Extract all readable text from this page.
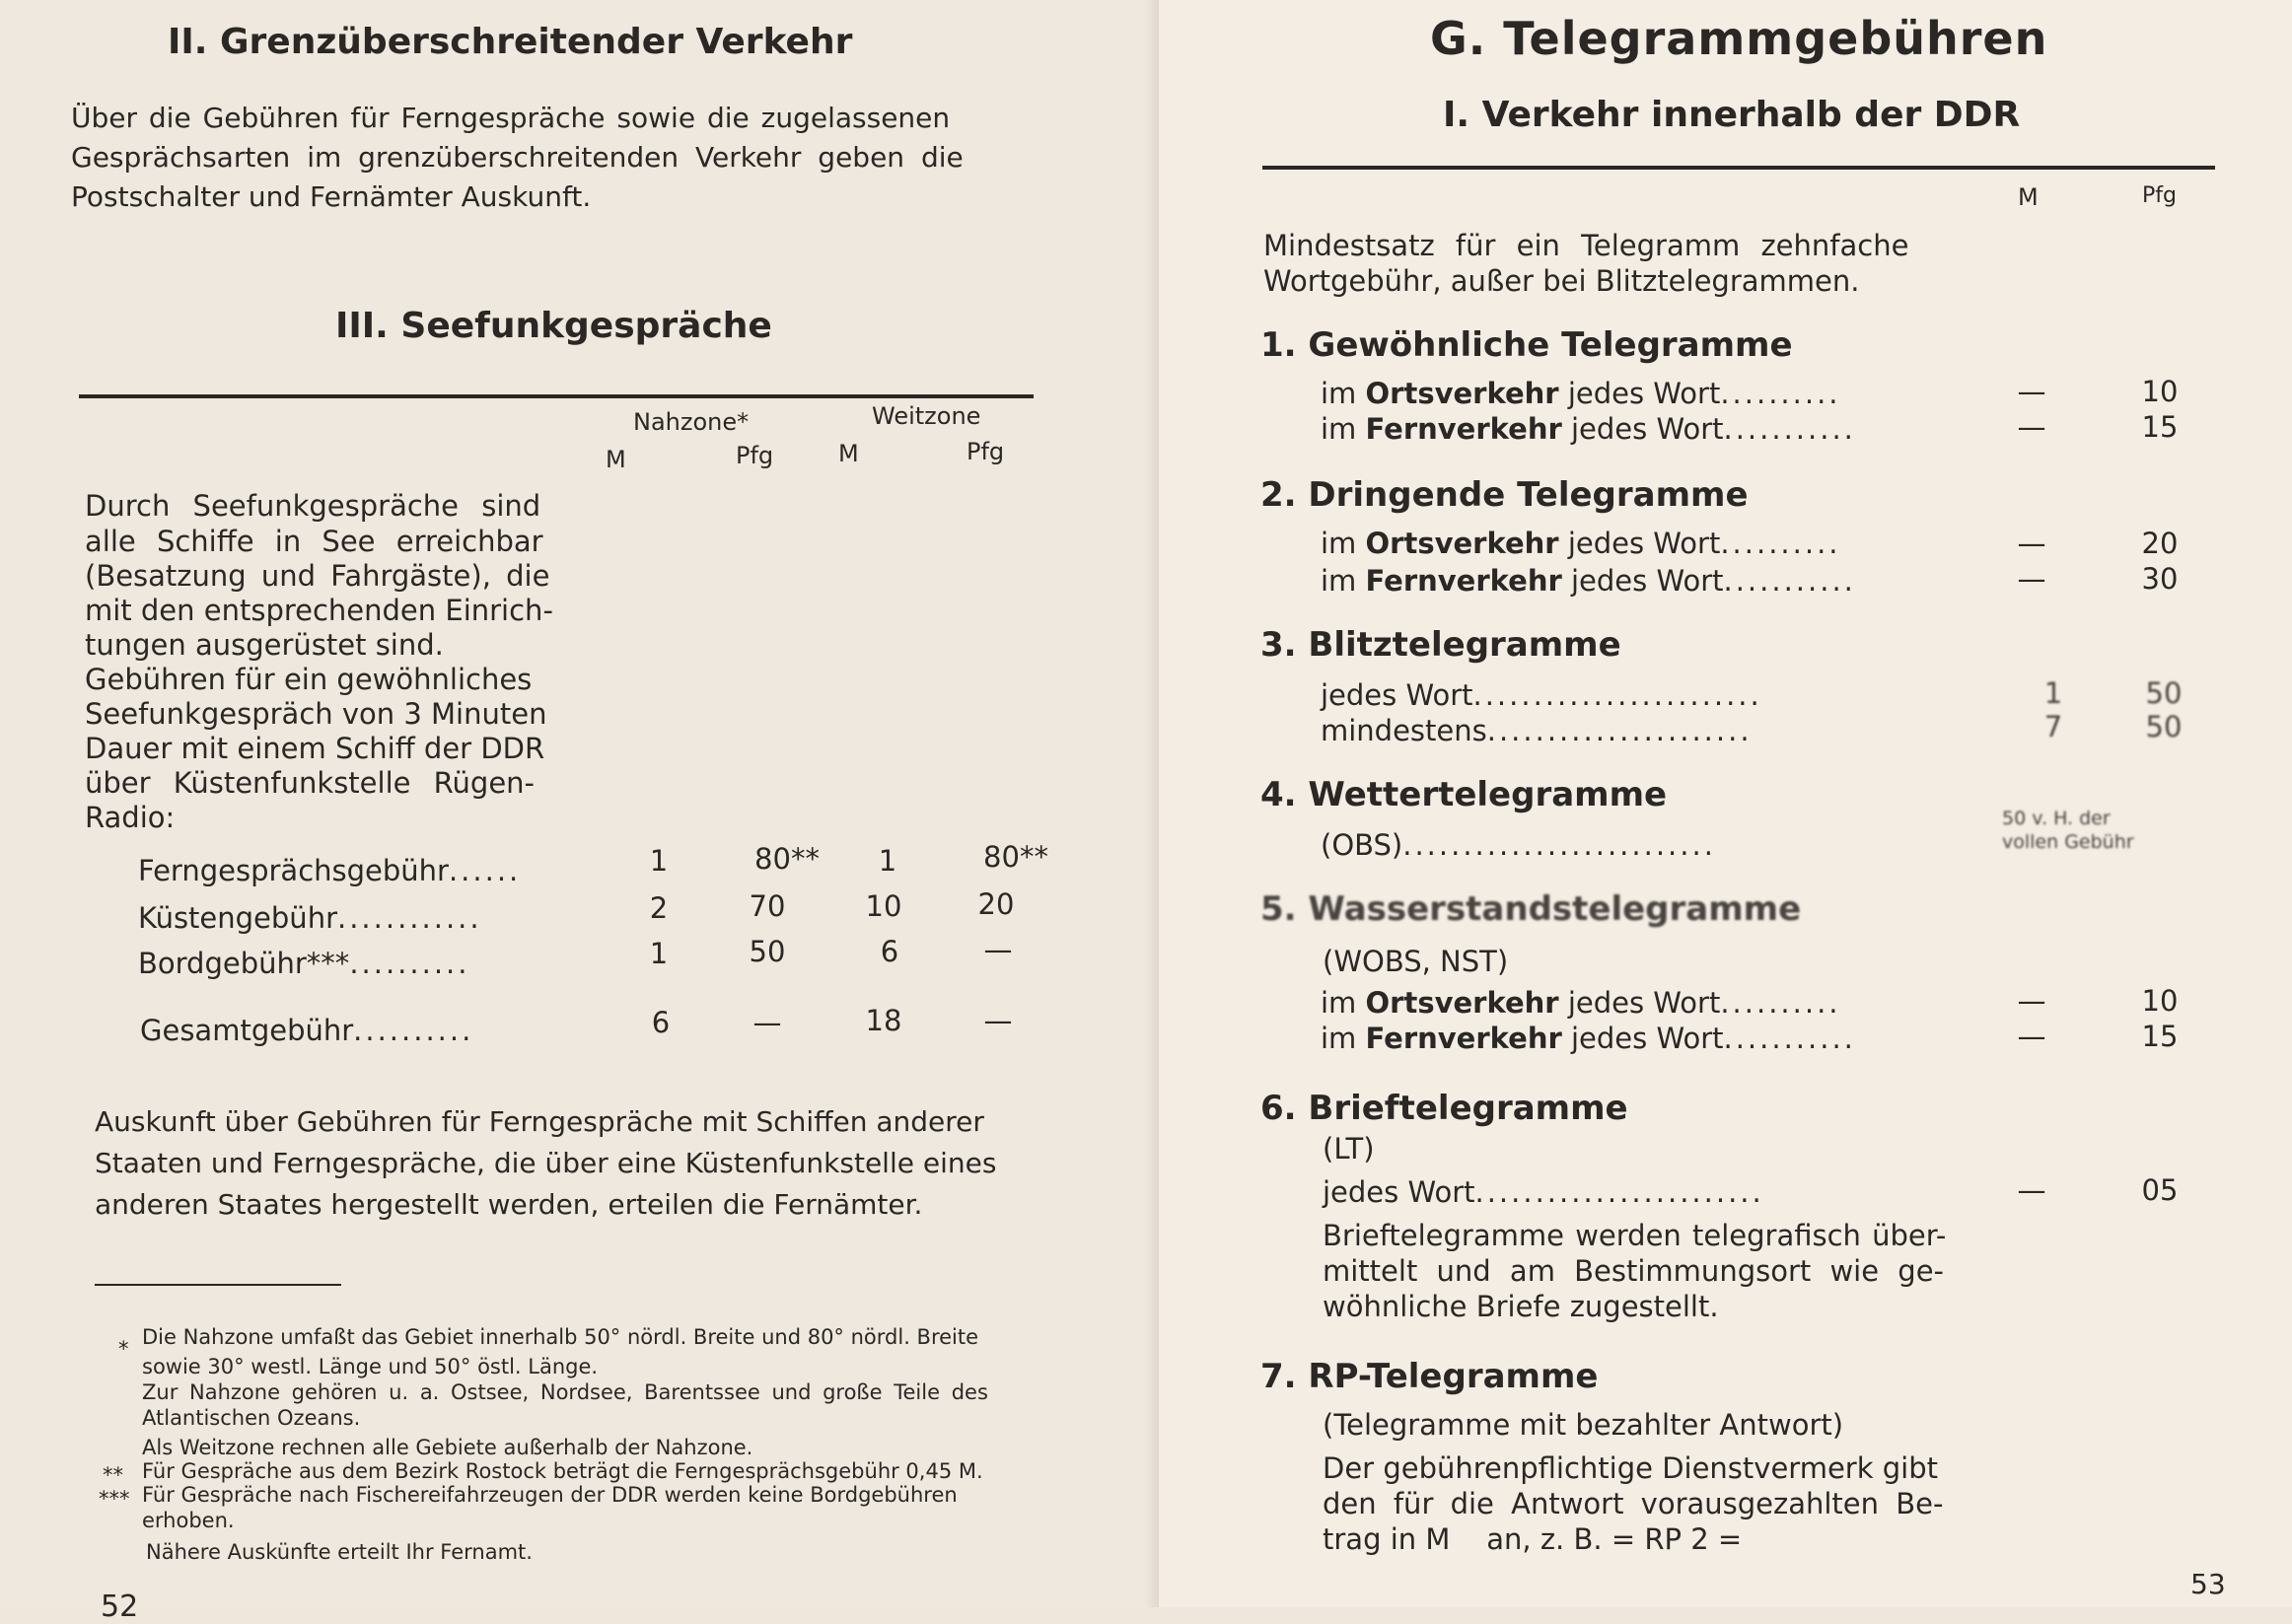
II. Grenzüberschreitender Verkehr
Über die Gebühren für Ferngespräche sowie die zugelassenen
Gesprächsarten im grenzüberschreitenden Verkehr geben die
Postschalter und Fernämter Auskunft.
III. Seefunkgespräche
Nahzone*	Weitzone
M	Pfg	M	Pfg
Durch Seefunkgespräche sind
alle Schiffe in See erreichbar
(Besatzung und Fahrgäste), die
mit den entsprechenden Einrich-
tungen ausgerüstet sind.
Gebühren für ein gewöhnliches
Seefunkgespräch von 3 Minuten
Dauer mit einem Schiff der DDR
über Küstenfunkstelle Rügen-
Radio:
Ferngesprächsgebühr......	1	80**	1	80**
Küstengebühr............	2	70	10	20
Bordgebühr***..........	1	50	6	—
Gesamtgebühr..........	6	—	18	—
Auskunft über Gebühren für Ferngespräche mit Schiffen anderer
Staaten und Ferngespräche, die über eine Küstenfunkstelle eines
anderen Staates hergestellt werden, erteilen die Fernämter.
* Die Nahzone umfaßt das Gebiet innerhalb 50° nördl. Breite und 80° nördl. Breite
sowie 30° westl. Länge und 50° östl. Länge.
Zur Nahzone gehören u. a. Ostsee, Nordsee, Barentssee und große Teile des
Atlantischen Ozeans.
Als Weitzone rechnen alle Gebiete außerhalb der Nahzone.
** Für Gespräche aus dem Bezirk Rostock beträgt die Ferngesprächsgebühr 0,45 M.
*** Für Gespräche nach Fischereifahrzeugen der DDR werden keine Bordgebühren
erhoben.
Nähere Auskünfte erteilt Ihr Fernamt.
52
G. Telegrammgebühren
I. Verkehr innerhalb der DDR
M	Pfg
Mindestsatz für ein Telegramm zehnfache
Wortgebühr, außer bei Blitztelegrammen.
1. Gewöhnliche Telegramme
im Ortsverkehr jedes Wort..........	—	10
im Fernverkehr jedes Wort...........	—	15
2. Dringende Telegramme
im Ortsverkehr jedes Wort..........	—	20
im Fernverkehr jedes Wort...........	—	30
3. Blitztelegramme
jedes Wort........................	1	50
mindestens......................	7	50
4. Wettertelegramme
(OBS)..........................
50 v. H. der
vollen Gebühr
5. Wasserstandstelegramme
(WOBS, NST)
im Ortsverkehr jedes Wort..........	—	10
im Fernverkehr jedes Wort...........	—	15
6. Brieftelegramme
(LT)
jedes Wort........................	—	05
Brieftelegramme werden telegrafisch über-
mittelt und am Bestimmungsort wie ge-
wöhnliche Briefe zugestellt.
7. RP-Telegramme
(Telegramme mit bezahlter Antwort)
Der gebührenpflichtige Dienstvermerk gibt
den für die Antwort vorausgezahlten Be-
trag in M    an, z. B. = RP 2 =
53
